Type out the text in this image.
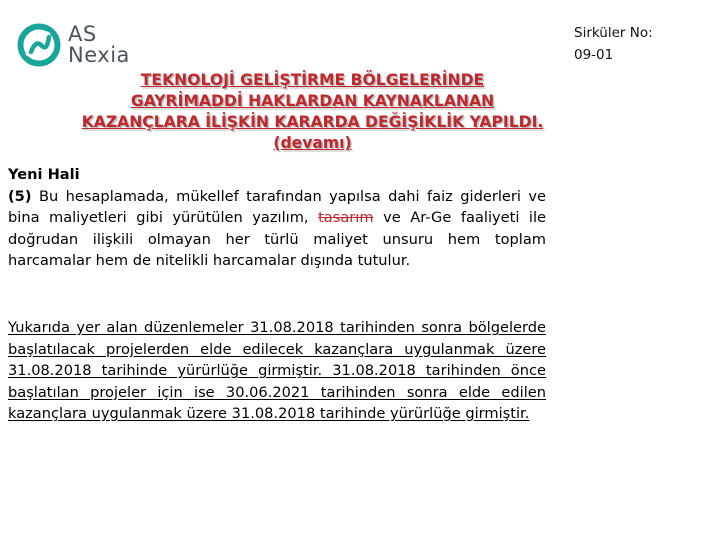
AS
Nexia
Sirküler No:
09-01
TEKNOLOJİ GELİŞTİRME BÖLGELERİNDE
GAYRİMADDİ HAKLARDAN KAYNAKLANAN
KAZANÇLARA İLİŞKİN KARARDA DEĞİŞİKLİK YAPILDI.
(devamı)
Yeni Hali
(5) Bu hesaplamada, mükellef tarafından yapılsa dahi faiz giderleri ve bina maliyetleri gibi yürütülen yazılım, tasarım ve Ar-Ge faaliyeti ile doğrudan ilişkili olmayan her türlü maliyet unsuru hem toplam harcamalar hem de nitelikli harcamalar dışında tutulur.
Yukarıda yer alan düzenlemeler 31.08.2018 tarihinden sonra bölgelerde başlatılacak projelerden elde edilecek kazançlara uygulanmak üzere 31.08.2018 tarihinde yürürlüğe girmiştir. 31.08.2018 tarihinden önce başlatılan projeler için ise 30.06.2021 tarihinden sonra elde edilen kazançlara uygulanmak üzere 31.08.2018 tarihinde yürürlüğe girmiştir.
